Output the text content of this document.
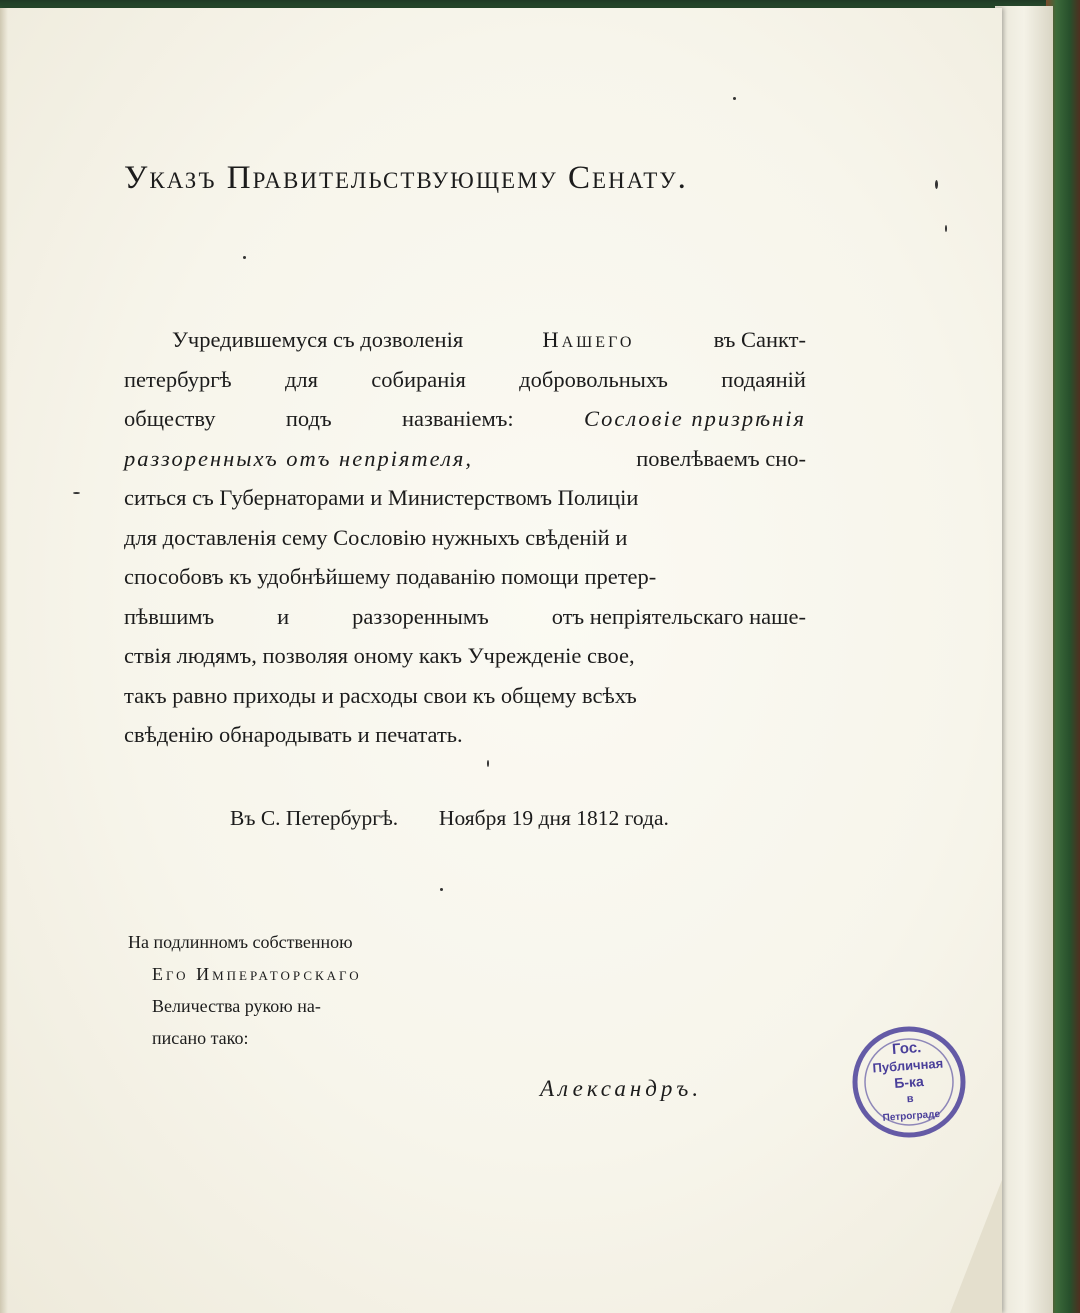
Указъ Правительствующему Сенату.
Учредившемуся съ дозволенія	Нашего	въ Санкт-
петербургѣ для собиранія добровольныхъ подаяній
обществу	подъ	названіемъ:	Сословіе призрѣнія
раззоренныхъ отъ непріятеля,	повелѣваемъ сно-
ситься съ Губернаторами и Министерствомъ Полиціи
для доставленія сему Сословію нужныхъ свѣденій и
способовъ къ удобнѣйшему подаванію помощи претер-
пѣвшимъ	и	раззореннымъ	отъ непріятельскаго наше-
ствія людямъ, позволяя оному какъ Учрежденіе свое,
такъ равно приходы и расходы свои къ общему всѣхъ
свѣденію обнародывать и печатать.
Въ С. Петербургѣ. Ноября 19 дня 1812 года.
На подлинномъ собственною
Его Императорскаго
Величества рукою на-
писано тако:
Александръ.
Гос.
Публичная
Б-ка
в
Петрограде
